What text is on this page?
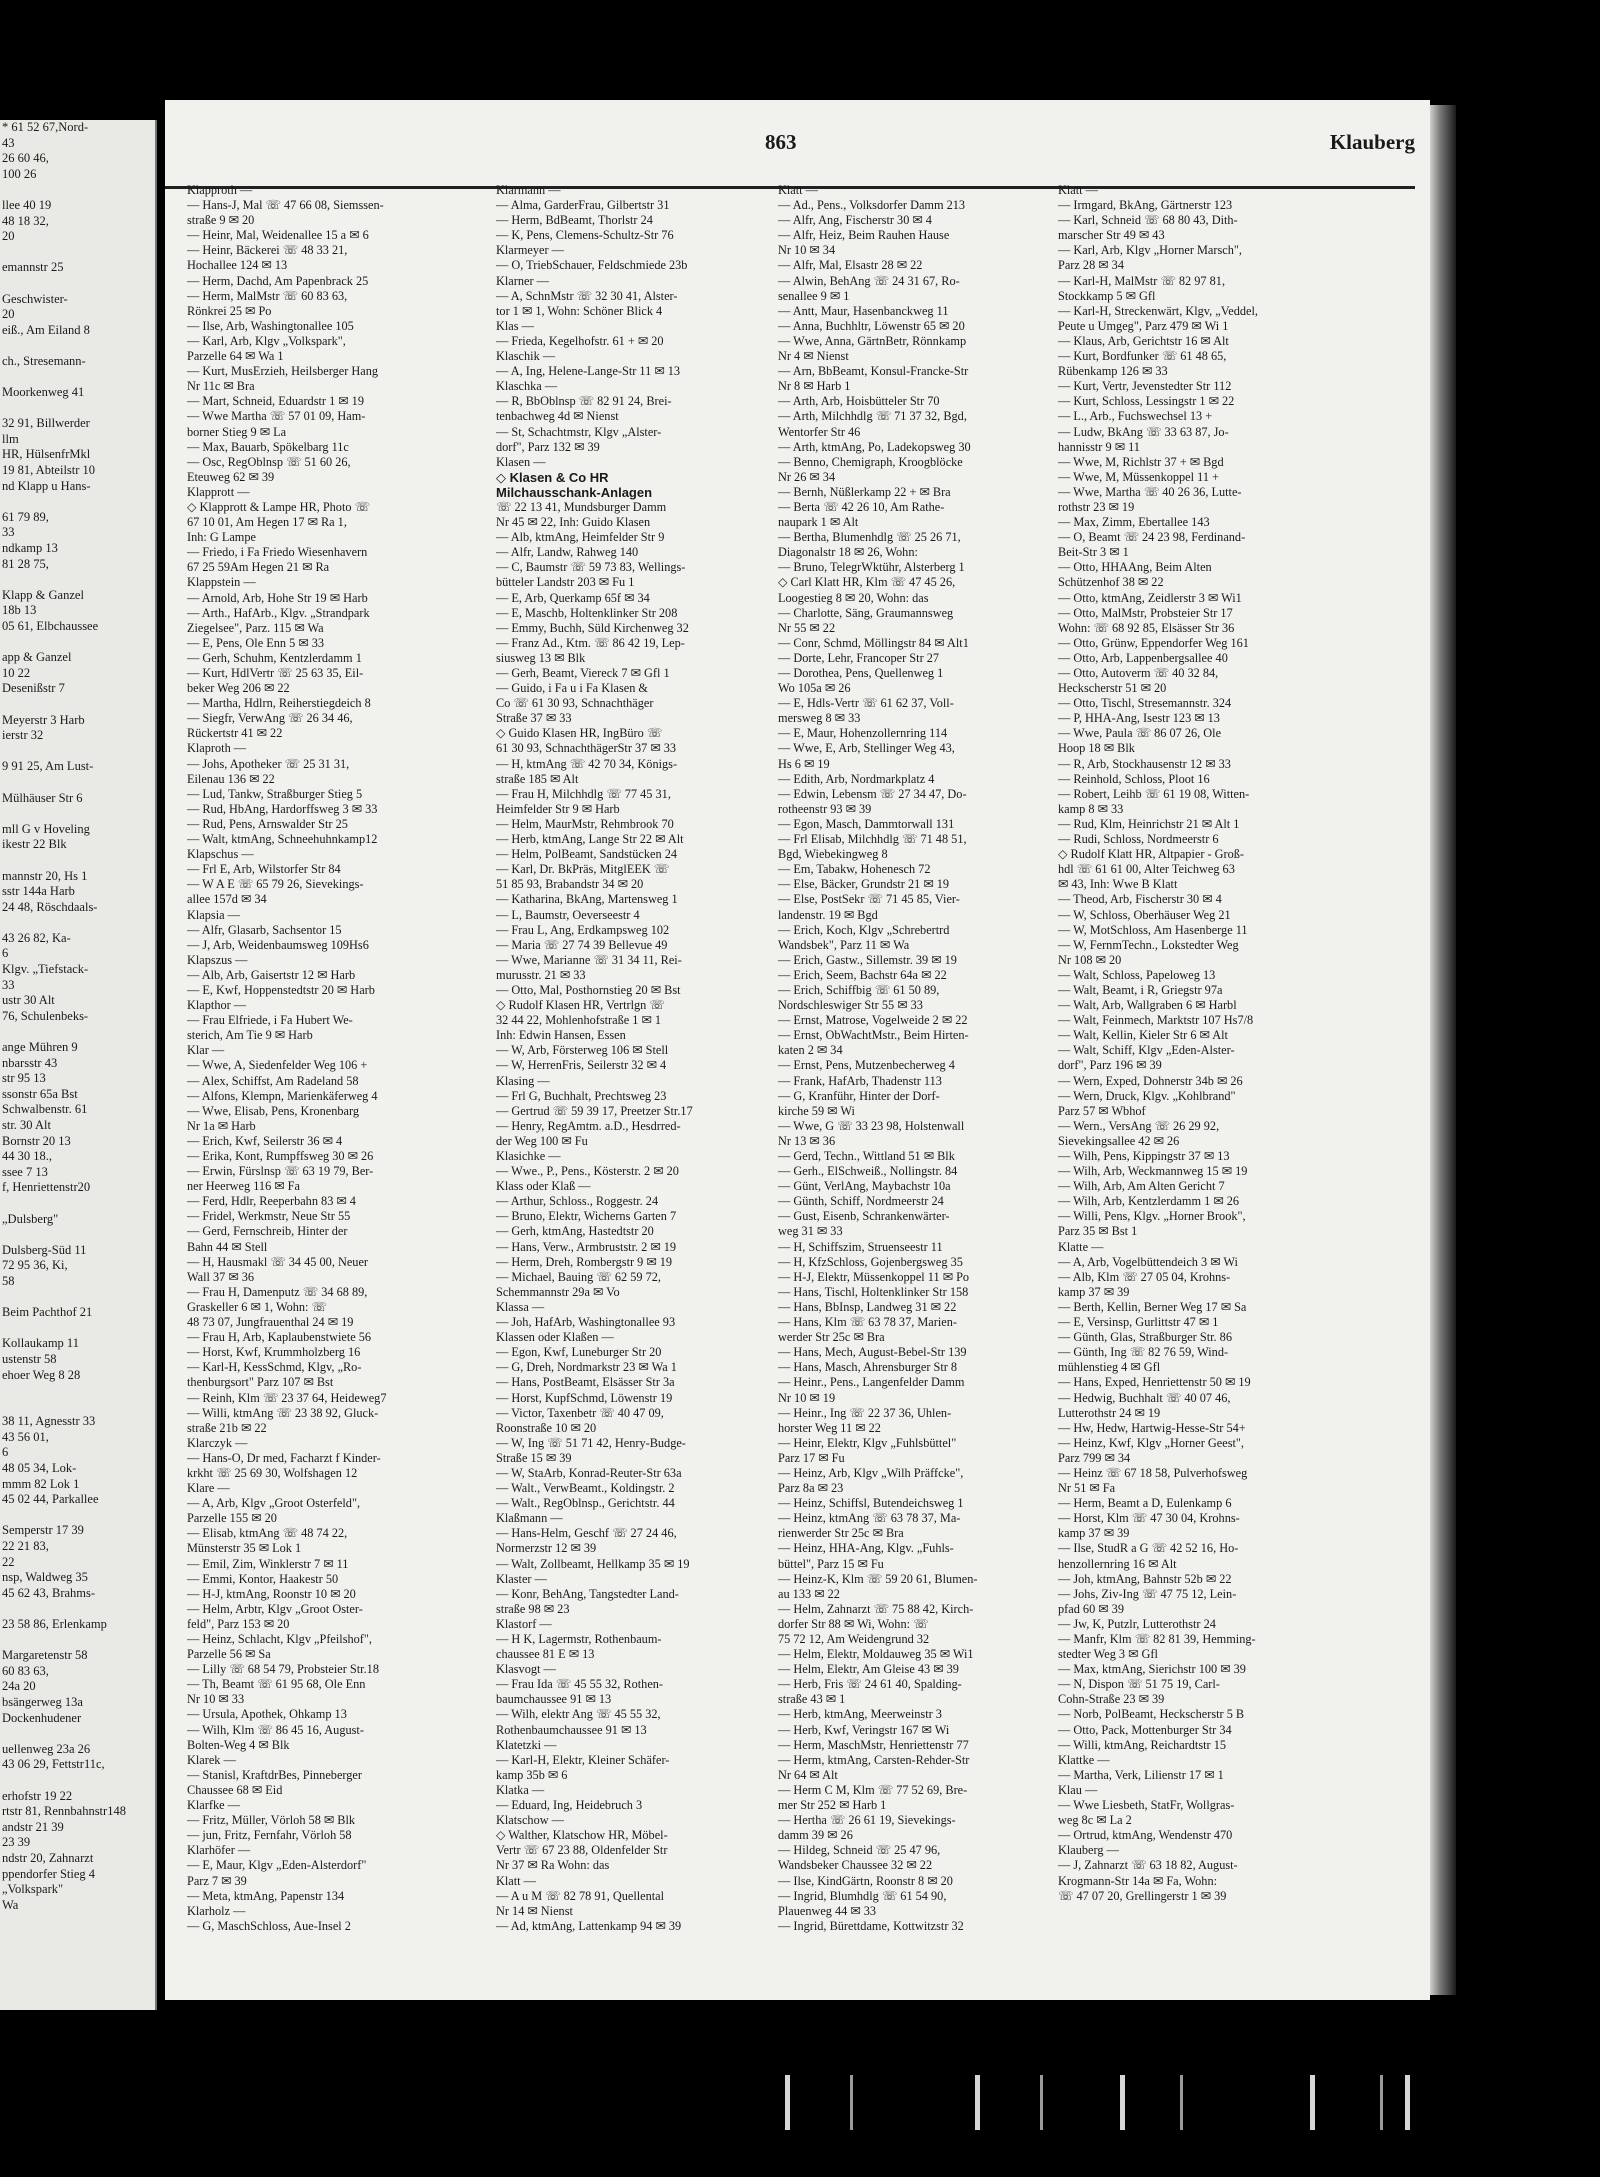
* 61 52 67,Nord-
43
26 60 46,
100 26

llee 40 19
48 18 32,
20

emannstr 25

Geschwister-
20
eiß., Am Eiland 8

ch., Stresemann-

Moorkenweg 41

32 91, Billwerder
llm
HR, HülsenfrMkl
19 81, Abteilstr 10
nd Klapp u Hans-

61 79 89,
33
ndkamp 13
81 28 75,

Klapp & Ganzel
18b 13
05 61, Elbchaussee

app & Ganzel
10 22
Desenißstr 7

Meyerstr 3 Harb
ierstr 32

9 91 25, Am Lust-

Mülhäuser Str 6

mll G v Hoveling
ikestr 22 Blk

mannstr 20, Hs 1
sstr 144a Harb
24 48, Röschdaals-

43 26 82, Ka-
6
Klgv. „Tiefstack-
33
ustr 30 Alt
76, Schulenbeks-

ange Mühren 9
nbarsstr 43
str 95 13
ssonstr 65a Bst
Schwalbenstr. 61
str. 30 Alt
Bornstr 20 13
44 30 18.,
ssee 7 13
f, Henriettenstr20

„Dulsberg"

Dulsberg-Süd 11
72 95 36, Ki,
58

Beim Pachthof 21

Kollaukamp 11
ustenstr 58
ehoer Weg 8 28

38 11, Agnesstr 33
43 56 01,
6
48 05 34, Lok-
mmm 82 Lok 1
45 02 44, Parkallee

Semperstr 17 39
22 21 83,
22
nsp, Waldweg 35
45 62 43, Brahms-

23 58 86, Erlenkamp

Margaretenstr 58
60 83 63,
24a 20
bsängerweg 13a
Dockenhudener

uellenweg 23a 26
43 06 29, Fettstr11c,

erhofstr 19 22
rtstr 81, Rennbahnstr148
andstr 21 39
23 39
ndstr 20, Zahnarzt
ppendorfer Stieg 4
„Volkspark"
Wa
863	Klauberg
Klapproth —
— Hans-J, Mal ☏ 47 66 08, Siemssen-
straße 9 ✉ 20
— Heinr, Mal, Weidenallee 15 a ✉ 6
— Heinr, Bäckerei ☏ 48 33 21,
Hochallee 124 ✉ 13
— Herm, Dachd, Am Papenbrack 25
— Herm, MalMstr ☏ 60 83 63,
Rönkrei 25 ✉ Po
— Ilse, Arb, Washingtonallee 105
— Karl, Arb, Klgv „Volkspark",
Parzelle 64 ✉ Wa 1
— Kurt, MusErzieh, Heilsberger Hang
Nr 11c ✉ Bra
— Mart, Schneid, Eduardstr 1 ✉ 19
— Wwe Martha ☏ 57 01 09, Ham-
borner Stieg 9 ✉ La
— Max, Bauarb, Spökelbarg 11c
— Osc, RegOblnsp ☏ 51 60 26,
Eteuweg 62 ✉ 39
Klapprott —
◇ Klapprott & Lampe HR, Photo ☏
67 10 01, Am Hegen 17 ✉ Ra 1,
Inh: G Lampe
— Friedo, i Fa Friedo Wiesenhavern
67 25 59Am Hegen 21 ✉ Ra
Klappstein —
— Arnold, Arb, Hohe Str 19 ✉ Harb
— Arth., HafArb., Klgv. „Strandpark
Ziegelsee", Parz. 115 ✉ Wa
— E, Pens, Ole Enn 5 ✉ 33
— Gerh, Schuhm, Kentzlerdamm 1
— Kurt, HdlVertr ☏ 25 63 35, Eil-
beker Weg 206 ✉ 22
— Martha, Hdlrn, Reiherstiegdeich 8
— Siegfr, VerwAng ☏ 26 34 46,
Rückertstr 41 ✉ 22
Klaproth —
— Johs, Apotheker ☏ 25 31 31,
Eilenau 136 ✉ 22
— Lud, Tankw, Straßburger Stieg 5
— Rud, HbAng, Hardorffsweg 3 ✉ 33
— Rud, Pens, Arnswalder Str 25
— Walt, ktmAng, Schneehuhnkamp12
Klapschus —
— Frl E, Arb, Wilstorfer Str 84
— W A E ☏ 65 79 26, Sievekings-
allee 157d ✉ 34
Klapsia —
— Alfr, Glasarb, Sachsentor 15
— J, Arb, Weidenbaumsweg 109Hs6
Klapszus —
— Alb, Arb, Gaisertstr 12 ✉ Harb
— E, Kwf, Hoppenstedtstr 20 ✉ Harb
Klapthor —
— Frau Elfriede, i Fa Hubert We-
sterich, Am Tie 9 ✉ Harb
Klar —
— Wwe, A, Siedenfelder Weg 106 +
— Alex, Schiffst, Am Radeland 58
— Alfons, Klempn, Marienkäferweg 4
— Wwe, Elisab, Pens, Kronenbarg
Nr 1a ✉ Harb
— Erich, Kwf, Seilerstr 36 ✉ 4
— Erika, Kont, Rumpffsweg 30 ✉ 26
— Erwin, Fürslnsp ☏ 63 19 79, Ber-
ner Heerweg 116 ✉ Fa
— Ferd, Hdlr, Reeperbahn 83 ✉ 4
— Fridel, Werkmstr, Neue Str 55
— Gerd, Fernschreib, Hinter der
Bahn 44 ✉ Stell
— H, Hausmakl ☏ 34 45 00, Neuer
Wall 37 ✉ 36
— Frau H, Damenputz ☏ 34 68 89,
Graskeller 6 ✉ 1, Wohn: ☏
48 73 07, Jungfrauenthal 24 ✉ 19
— Frau H, Arb, Kaplaubenstwiete 56
— Horst, Kwf, Krummholzberg 16
— Karl-H, KessSchmd, Klgv, „Ro-
thenburgsort" Parz 107 ✉ Bst
— Reinh, Klm ☏ 23 37 64, Heideweg7
— Willi, ktmAng ☏ 23 38 92, Gluck-
straße 21b ✉ 22
Klarczyk —
— Hans-O, Dr med, Facharzt f Kinder-
krkht ☏ 25 69 30, Wolfshagen 12
Klare —
— A, Arb, Klgv „Groot Osterfeld",
Parzelle 155 ✉ 20
— Elisab, ktmAng ☏ 48 74 22,
Münsterstr 35 ✉ Lok 1
— Emil, Zim, Winklerstr 7 ✉ 11
— Emmi, Kontor, Haakestr 50
— H-J, ktmAng, Roonstr 10 ✉ 20
— Helm, Arbtr, Klgv „Groot Oster-
feld", Parz 153 ✉ 20
— Heinz, Schlacht, Klgv „Pfeilshof",
Parzelle 56 ✉ Sa
— Lilly ☏ 68 54 79, Probsteier Str.18
— Th, Beamt ☏ 61 95 68, Ole Enn
Nr 10 ✉ 33
— Ursula, Apothek, Ohkamp 13
— Wilh, Klm ☏ 86 45 16, August-
Bolten-Weg 4 ✉ Blk
Klarek —
— Stanisl, KraftdrBes, Pinneberger
Chaussee 68 ✉ Eid
Klarfke —
— Fritz, Müller, Vörloh 58 ✉ Blk
— jun, Fritz, Fernfahr, Vörloh 58
Klarhöfer —
— E, Maur, Klgv „Eden-Alsterdorf"
Parz 7 ✉ 39
— Meta, ktmAng, Papenstr 134
Klarholz —
— G, MaschSchloss, Aue-Insel 2
Klarmann —
— Alma, GarderFrau, Gilbertstr 31
— Herm, BdBeamt, Thorlstr 24
— K, Pens, Clemens-Schultz-Str 76
Klarmeyer —
— O, TriebSchauer, Feldschmiede 23b
Klarner —
— A, SchnMstr ☏ 32 30 41, Alster-
tor 1 ✉ 1, Wohn: Schöner Blick 4
Klas —
— Frieda, Kegelhofstr. 61 + ✉ 20
Klaschik —
— A, Ing, Helene-Lange-Str 11 ✉ 13
Klaschka —
— R, BbOblnsp ☏ 82 91 24, Brei-
tenbachweg 4d ✉ Nienst
— St, Schachtmstr, Klgv „Alster-
dorf", Parz 132 ✉ 39
Klasen —
◇ Klasen & Co HR
Milchausschank-Anlagen
☏ 22 13 41, Mundsburger Damm
Nr 45 ✉ 22, Inh: Guido Klasen
— Alb, ktmAng, Heimfelder Str 9
— Alfr, Landw, Rahweg 140
— C, Baumstr ☏ 59 73 83, Wellings-
bütteler Landstr 203 ✉ Fu 1
— E, Arb, Querkamp 65f ✉ 34
— E, Maschb, Holtenklinker Str 208
— Emmy, Buchh, Süld Kirchenweg 32
— Franz Ad., Ktm. ☏ 86 42 19, Lep-
siusweg 13 ✉ Blk
— Gerh, Beamt, Viereck 7 ✉ Gfl 1
— Guido, i Fa u i Fa Klasen &
Co ☏ 61 30 93, Schnachthäger
Straße 37 ✉ 33
◇ Guido Klasen HR, IngBüro ☏
61 30 93, SchnachthägerStr 37 ✉ 33
— H, ktmAng ☏ 42 70 34, Königs-
straße 185 ✉ Alt
— Frau H, Milchhdlg ☏ 77 45 31,
Heimfelder Str 9 ✉ Harb
— Helm, MaurMstr, Rehmbrook 70
— Herb, ktmAng, Lange Str 22 ✉ Alt
— Helm, PolBeamt, Sandstücken 24
— Karl, Dr. BkPräs, MitglEEK ☏
51 85 93, Brabandstr 34 ✉ 20
— Katharina, BkAng, Martensweg 1
— L, Baumstr, Oeverseestr 4
— Frau L, Ang, Erdkampsweg 102
— Maria ☏ 27 74 39 Bellevue 49
— Wwe, Marianne ☏ 31 34 11, Rei-
murusstr. 21 ✉ 33
— Otto, Mal, Posthornstieg 20 ✉ Bst
◇ Rudolf Klasen HR, Vertrlgn ☏
32 44 22, Mohlenhofstraße 1 ✉ 1
Inh: Edwin Hansen, Essen
— W, Arb, Försterweg 106 ✉ Stell
— W, HerrenFris, Seilerstr 32 ✉ 4
Klasing —
— Frl G, Buchhalt, Prechtsweg 23
— Gertrud ☏ 59 39 17, Preetzer Str.17
— Henry, RegAmtm. a.D., Hesdrred-
der Weg 100 ✉ Fu
Klasichke —
— Wwe., P., Pens., Kösterstr. 2 ✉ 20
Klass oder Klaß —
— Arthur, Schloss., Roggestr. 24
— Bruno, Elektr, Wicherns Garten 7
— Gerh, ktmAng, Hastedtstr 20
— Hans, Verw., Armbruststr. 2 ✉ 19
— Herm, Dreh, Rombergstr 9 ✉ 19
— Michael, Bauing ☏ 62 59 72,
Schemmannstr 29a ✉ Vo
Klassa —
— Joh, HafArb, Washingtonallee 93
Klassen oder Klaßen —
— Egon, Kwf, Luneburger Str 20
— G, Dreh, Nordmarkstr 23 ✉ Wa 1
— Hans, PostBeamt, Elsässer Str 3a
— Horst, KupfSchmd, Löwenstr 19
— Victor, Taxenbetr ☏ 40 47 09,
Roonstraße 10 ✉ 20
— W, Ing ☏ 51 71 42, Henry-Budge-
Straße 15 ✉ 39
— W, StaArb, Konrad-Reuter-Str 63a
— Walt., VerwBeamt., Koldingstr. 2
— Walt., RegOblnsp., Gerichtstr. 44
Klaßmann —
— Hans-Helm, Geschf ☏ 27 24 46,
Normerzstr 12 ✉ 39
— Walt, Zollbeamt, Hellkamp 35 ✉ 19
Klaster —
— Konr, BehAng, Tangstedter Land-
straße 98 ✉ 23
Klastorf —
— H K, Lagermstr, Rothenbaum-
chaussee 81 E ✉ 13
Klasvogt —
— Frau Ida ☏ 45 55 32, Rothen-
baumchaussee 91 ✉ 13
— Wilh, elektr Ang ☏ 45 55 32,
Rothenbaumchaussee 91 ✉ 13
Klatetzki —
— Karl-H, Elektr, Kleiner Schäfer-
kamp 35b ✉ 6
Klatka —
— Eduard, Ing, Heidebruch 3
Klatschow —
◇ Walther, Klatschow HR, Möbel-
Vertr ☏ 67 23 88, Oldenfelder Str
Nr 37 ✉ Ra Wohn: das
Klatt —
— A u M ☏ 82 78 91, Quellental
Nr 14 ✉ Nienst
— Ad, ktmAng, Lattenkamp 94 ✉ 39
Klatt —
— Ad., Pens., Volksdorfer Damm 213
— Alfr, Ang, Fischerstr 30 ✉ 4
— Alfr, Heiz, Beim Rauhen Hause
Nr 10 ✉ 34
— Alfr, Mal, Elsastr 28 ✉ 22
— Alwin, BehAng ☏ 24 31 67, Ro-
senallee 9 ✉ 1
— Antt, Maur, Hasenbanckweg 11
— Anna, Buchhltr, Löwenstr 65 ✉ 20
— Wwe, Anna, GärtnBetr, Rönnkamp
Nr 4 ✉ Nienst
— Arn, BbBeamt, Konsul-Francke-Str
Nr 8 ✉ Harb 1
— Arth, Arb, Hoisbütteler Str 70
— Arth, Milchhdlg ☏ 71 37 32, Bgd,
Wentorfer Str 46
— Arth, ktmAng, Po, Ladekopsweg 30
— Benno, Chemigraph, Kroogblöcke
Nr 26 ✉ 34
— Bernh, Nüßlerkamp 22 + ✉ Bra
— Berta ☏ 42 26 10, Am Rathe-
naupark 1 ✉ Alt
— Bertha, Blumenhdlg ☏ 25 26 71,
Diagonalstr 18 ✉ 26, Wohn:
— Bruno, TelegrWktühr, Alsterberg 1
◇ Carl Klatt HR, Klm ☏ 47 45 26,
Loogestieg 8 ✉ 20, Wohn: das
— Charlotte, Säng, Graumannsweg
Nr 55 ✉ 22
— Conr, Schmd, Möllingstr 84 ✉ Alt1
— Dorte, Lehr, Francoper Str 27
— Dorothea, Pens, Quellenweg 1
Wo 105a ✉ 26
— E, Hdls-Vertr ☏ 61 62 37, Voll-
mersweg 8 ✉ 33
— E, Maur, Hohenzollernring 114
— Wwe, E, Arb, Stellinger Weg 43,
Hs 6 ✉ 19
— Edith, Arb, Nordmarkplatz 4
— Edwin, Lebensm ☏ 27 34 47, Do-
rotheenstr 93 ✉ 39
— Egon, Masch, Dammtorwall 131
— Frl Elisab, Milchhdlg ☏ 71 48 51,
Bgd, Wiebekingweg 8
— Em, Tabakw, Hohenesch 72
— Else, Bäcker, Grundstr 21 ✉ 19
— Else, PostSekr ☏ 71 45 85, Vier-
landenstr. 19 ✉ Bgd
— Erich, Koch, Klgv „Schrebertrd
Wandsbek", Parz 11 ✉ Wa
— Erich, Gastw., Sillemstr. 39 ✉ 19
— Erich, Seem, Bachstr 64a ✉ 22
— Erich, Schiffbig ☏ 61 50 89,
Nordschleswiger Str 55 ✉ 33
— Ernst, Matrose, Vogelweide 2 ✉ 22
— Ernst, ObWachtMstr., Beim Hirten-
katen 2 ✉ 34
— Ernst, Pens, Mutzenbecherweg 4
— Frank, HafArb, Thadenstr 113
— G, Kranführ, Hinter der Dorf-
kirche 59 ✉ Wi
— Wwe, G ☏ 33 23 98, Holstenwall
Nr 13 ✉ 36
— Gerd, Techn., Wittland 51 ✉ Blk
— Gerh., ElSchweiß., Nollingstr. 84
— Günt, VerlAng, Maybachstr 10a
— Günth, Schiff, Nordmeerstr 24
— Gust, Eisenb, Schrankenwärter-
weg 31 ✉ 33
— H, Schiffszim, Struenseestr 11
— H, KfzSchloss, Gojenbergsweg 35
— H-J, Elektr, Müssenkoppel 11 ✉ Po
— Hans, Tischl, Holtenklinker Str 158
— Hans, BbInsp, Landweg 31 ✉ 22
— Hans, Klm ☏ 63 78 37, Marien-
werder Str 25c ✉ Bra
— Hans, Mech, August-Bebel-Str 139
— Hans, Masch, Ahrensburger Str 8
— Heinr., Pens., Langenfelder Damm
Nr 10 ✉ 19
— Heinr., Ing ☏ 22 37 36, Uhlen-
horster Weg 11 ✉ 22
— Heinr, Elektr, Klgv „Fuhlsbüttel"
Parz 17 ✉ Fu
— Heinz, Arb, Klgv „Wilh Präffcke",
Parz 8a ✉ 23
— Heinz, Schiffsl, Butendeichsweg 1
— Heinz, ktmAng ☏ 63 78 37, Ma-
rienwerder Str 25c ✉ Bra
— Heinz, HHA-Ang, Klgv. „Fuhls-
büttel", Parz 15 ✉ Fu
— Heinz-K, Klm ☏ 59 20 61, Blumen-
au 133 ✉ 22
— Helm, Zahnarzt ☏ 75 88 42, Kirch-
dorfer Str 88 ✉ Wi, Wohn: ☏
75 72 12, Am Weidengrund 32
— Helm, Elektr, Moldauweg 35 ✉ Wi1
— Helm, Elektr, Am Gleise 43 ✉ 39
— Herb, Fris ☏ 24 61 40, Spalding-
straße 43 ✉ 1
— Herb, ktmAng, Meerweinstr 3
— Herb, Kwf, Veringstr 167 ✉ Wi
— Herm, MaschMstr, Henriettenstr 77
— Herm, ktmAng, Carsten-Rehder-Str
Nr 64 ✉ Alt
— Herm C M, Klm ☏ 77 52 69, Bre-
mer Str 252 ✉ Harb 1
— Hertha ☏ 26 61 19, Sievekings-
damm 39 ✉ 26
— Hildeg, Schneid ☏ 25 47 96,
Wandsbeker Chaussee 32 ✉ 22
— Ilse, KindGärtn, Roonstr 8 ✉ 20
— Ingrid, Blumhdlg ☏ 61 54 90,
Plauenweg 44 ✉ 33
— Ingrid, Bürettdame, Kottwitzstr 32
Klatt —
— Irmgard, BkAng, Gärtnerstr 123
— Karl, Schneid ☏ 68 80 43, Dith-
marscher Str 49 ✉ 43
— Karl, Arb, Klgv „Horner Marsch",
Parz 28 ✉ 34
— Karl-H, MalMstr ☏ 82 97 81,
Stockkamp 5 ✉ Gfl
— Karl-H, Streckenwärt, Klgv, „Veddel,
Peute u Umgeg", Parz 479 ✉ Wi 1
— Klaus, Arb, Gerichtstr 16 ✉ Alt
— Kurt, Bordfunker ☏ 61 48 65,
Rübenkamp 126 ✉ 33
— Kurt, Vertr, Jevenstedter Str 112
— Kurt, Schloss, Lessingstr 1 ✉ 22
— L., Arb., Fuchswechsel 13 +
— Ludw, BkAng ☏ 33 63 87, Jo-
hannisstr 9 ✉ 11
— Wwe, M, Richlstr 37 + ✉ Bgd
— Wwe, M, Müssenkoppel 11 +
— Wwe, Martha ☏ 40 26 36, Lutte-
rothstr 23 ✉ 19
— Max, Zimm, Ebertallee 143
— O, Beamt ☏ 24 23 98, Ferdinand-
Beit-Str 3 ✉ 1
— Otto, HHAAng, Beim Alten
Schützenhof 38 ✉ 22
— Otto, ktmAng, Zeidlerstr 3 ✉ Wi1
— Otto, MalMstr, Probsteier Str 17
Wohn: ☏ 68 92 85, Elsässer Str 36
— Otto, Grünw, Eppendorfer Weg 161
— Otto, Arb, Lappenbergsallee 40
— Otto, Autoverm ☏ 40 32 84,
Heckscherstr 51 ✉ 20
— Otto, Tischl, Stresemannstr. 324
— P, HHA-Ang, Isestr 123 ✉ 13
— Wwe, Paula ☏ 86 07 26, Ole
Hoop 18 ✉ Blk
— R, Arb, Stockhausenstr 12 ✉ 33
— Reinhold, Schloss, Ploot 16
— Robert, Leihb ☏ 61 19 08, Witten-
kamp 8 ✉ 33
— Rud, Klm, Heinrichstr 21 ✉ Alt 1
— Rudi, Schloss, Nordmeerstr 6
◇ Rudolf Klatt HR, Altpapier - Groß-
hdl ☏ 61 61 00, Alter Teichweg 63
✉ 43, Inh: Wwe B Klatt
— Theod, Arb, Fischerstr 30 ✉ 4
— W, Schloss, Oberhäuser Weg 21
— W, MotSchloss, Am Hasenberge 11
— W, FernmTechn., Lokstedter Weg
Nr 108 ✉ 20
— Walt, Schloss, Papeloweg 13
— Walt, Beamt, i R, Griegstr 97a
— Walt, Arb, Wallgraben 6 ✉ Harbl
— Walt, Feinmech, Marktstr 107 Hs7/8
— Walt, Kellin, Kieler Str 6 ✉ Alt
— Walt, Schiff, Klgv „Eden-Alster-
dorf", Parz 196 ✉ 39
— Wern, Exped, Dohnerstr 34b ✉ 26
— Wern, Druck, Klgv. „Kohlbrand"
Parz 57 ✉ Wbhof
— Wern., VersAng ☏ 26 29 92,
Sievekingsallee 42 ✉ 26
— Wilh, Pens, Kippingstr 37 ✉ 13
— Wilh, Arb, Weckmannweg 15 ✉ 19
— Wilh, Arb, Am Alten Gericht 7
— Wilh, Arb, Kentzlerdamm 1 ✉ 26
— Willi, Pens, Klgv. „Horner Brook",
Parz 35 ✉ Bst 1
Klatte —
— A, Arb, Vogelbüttendeich 3 ✉ Wi
— Alb, Klm ☏ 27 05 04, Krohns-
kamp 37 ✉ 39
— Berth, Kellin, Berner Weg 17 ✉ Sa
— E, Versinsp, Gurlittstr 47 ✉ 1
— Günth, Glas, Straßburger Str. 86
— Günth, Ing ☏ 82 76 59, Wind-
mühlenstieg 4 ✉ Gfl
— Hans, Exped, Henriettenstr 50 ✉ 19
— Hedwig, Buchhalt ☏ 40 07 46,
Lutterothstr 24 ✉ 19
— Hw, Hedw, Hartwig-Hesse-Str 54+
— Heinz, Kwf, Klgv „Horner Geest",
Parz 799 ✉ 34
— Heinz ☏ 67 18 58, Pulverhofsweg
Nr 51 ✉ Fa
— Herm, Beamt a D, Eulenkamp 6
— Horst, Klm ☏ 47 30 04, Krohns-
kamp 37 ✉ 39
— Ilse, StudR a G ☏ 42 52 16, Ho-
henzollernring 16 ✉ Alt
— Joh, ktmAng, Bahnstr 52b ✉ 22
— Johs, Ziv-Ing ☏ 47 75 12, Lein-
pfad 60 ✉ 39
— Jw, K, Putzlr, Lutterothstr 24
— Manfr, Klm ☏ 82 81 39, Hemming-
stedter Weg 3 ✉ Gfl
— Max, ktmAng, Sierichstr 100 ✉ 39
— N, Dispon ☏ 51 75 19, Carl-
Cohn-Straße 23 ✉ 39
— Norb, PolBeamt, Heckscherstr 5 B
— Otto, Pack, Mottenburger Str 34
— Willi, ktmAng, Reichardtstr 15
Klattke —
— Martha, Verk, Lilienstr 17 ✉ 1
Klau —
— Wwe Liesbeth, StatFr, Wollgras-
weg 8c ✉ La 2
— Ortrud, ktmAng, Wendenstr 470
Klauberg —
— J, Zahnarzt ☏ 63 18 82, August-
Krogmann-Str 14a ✉ Fa, Wohn:
☏ 47 07 20, Grellingerstr 1 ✉ 39
